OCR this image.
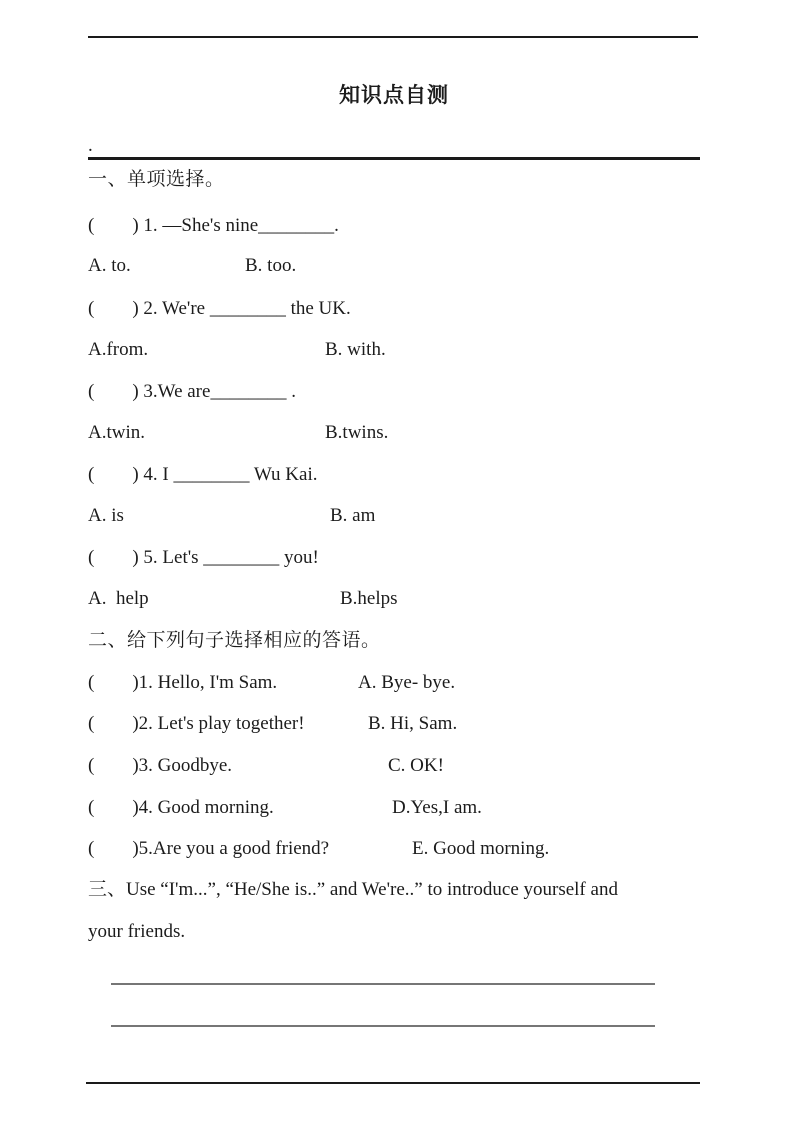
知识点自测
.
一、单项选择。
(        ) 1. —She's nine________.

A. to.

	B. too.

(        ) 2. We're ________ the UK.

A.from.

	B. with.

(        ) 3.We are________ .

A.twin.

	B.twins.

(        ) 4. I ________ Wu Kai.

A. is

	B. am

(        ) 5. Let's ________ you!

A.  help

	B.helps

二、给下列句子选择相应的答语。

(        )1. Hello, I'm Sam.

	A. Bye- bye.

(        )2. Let's play together!

	B. Hi, Sam.

(        )3. Goodbye.

	C. OK!

(        )4. Good morning.

	D.Yes,I am.

(        )5.Are you a good friend?

	E. Good morning.

三、Use “I'm...”, “He/She is..” and We're..” to introduce yourself and
your friends.
